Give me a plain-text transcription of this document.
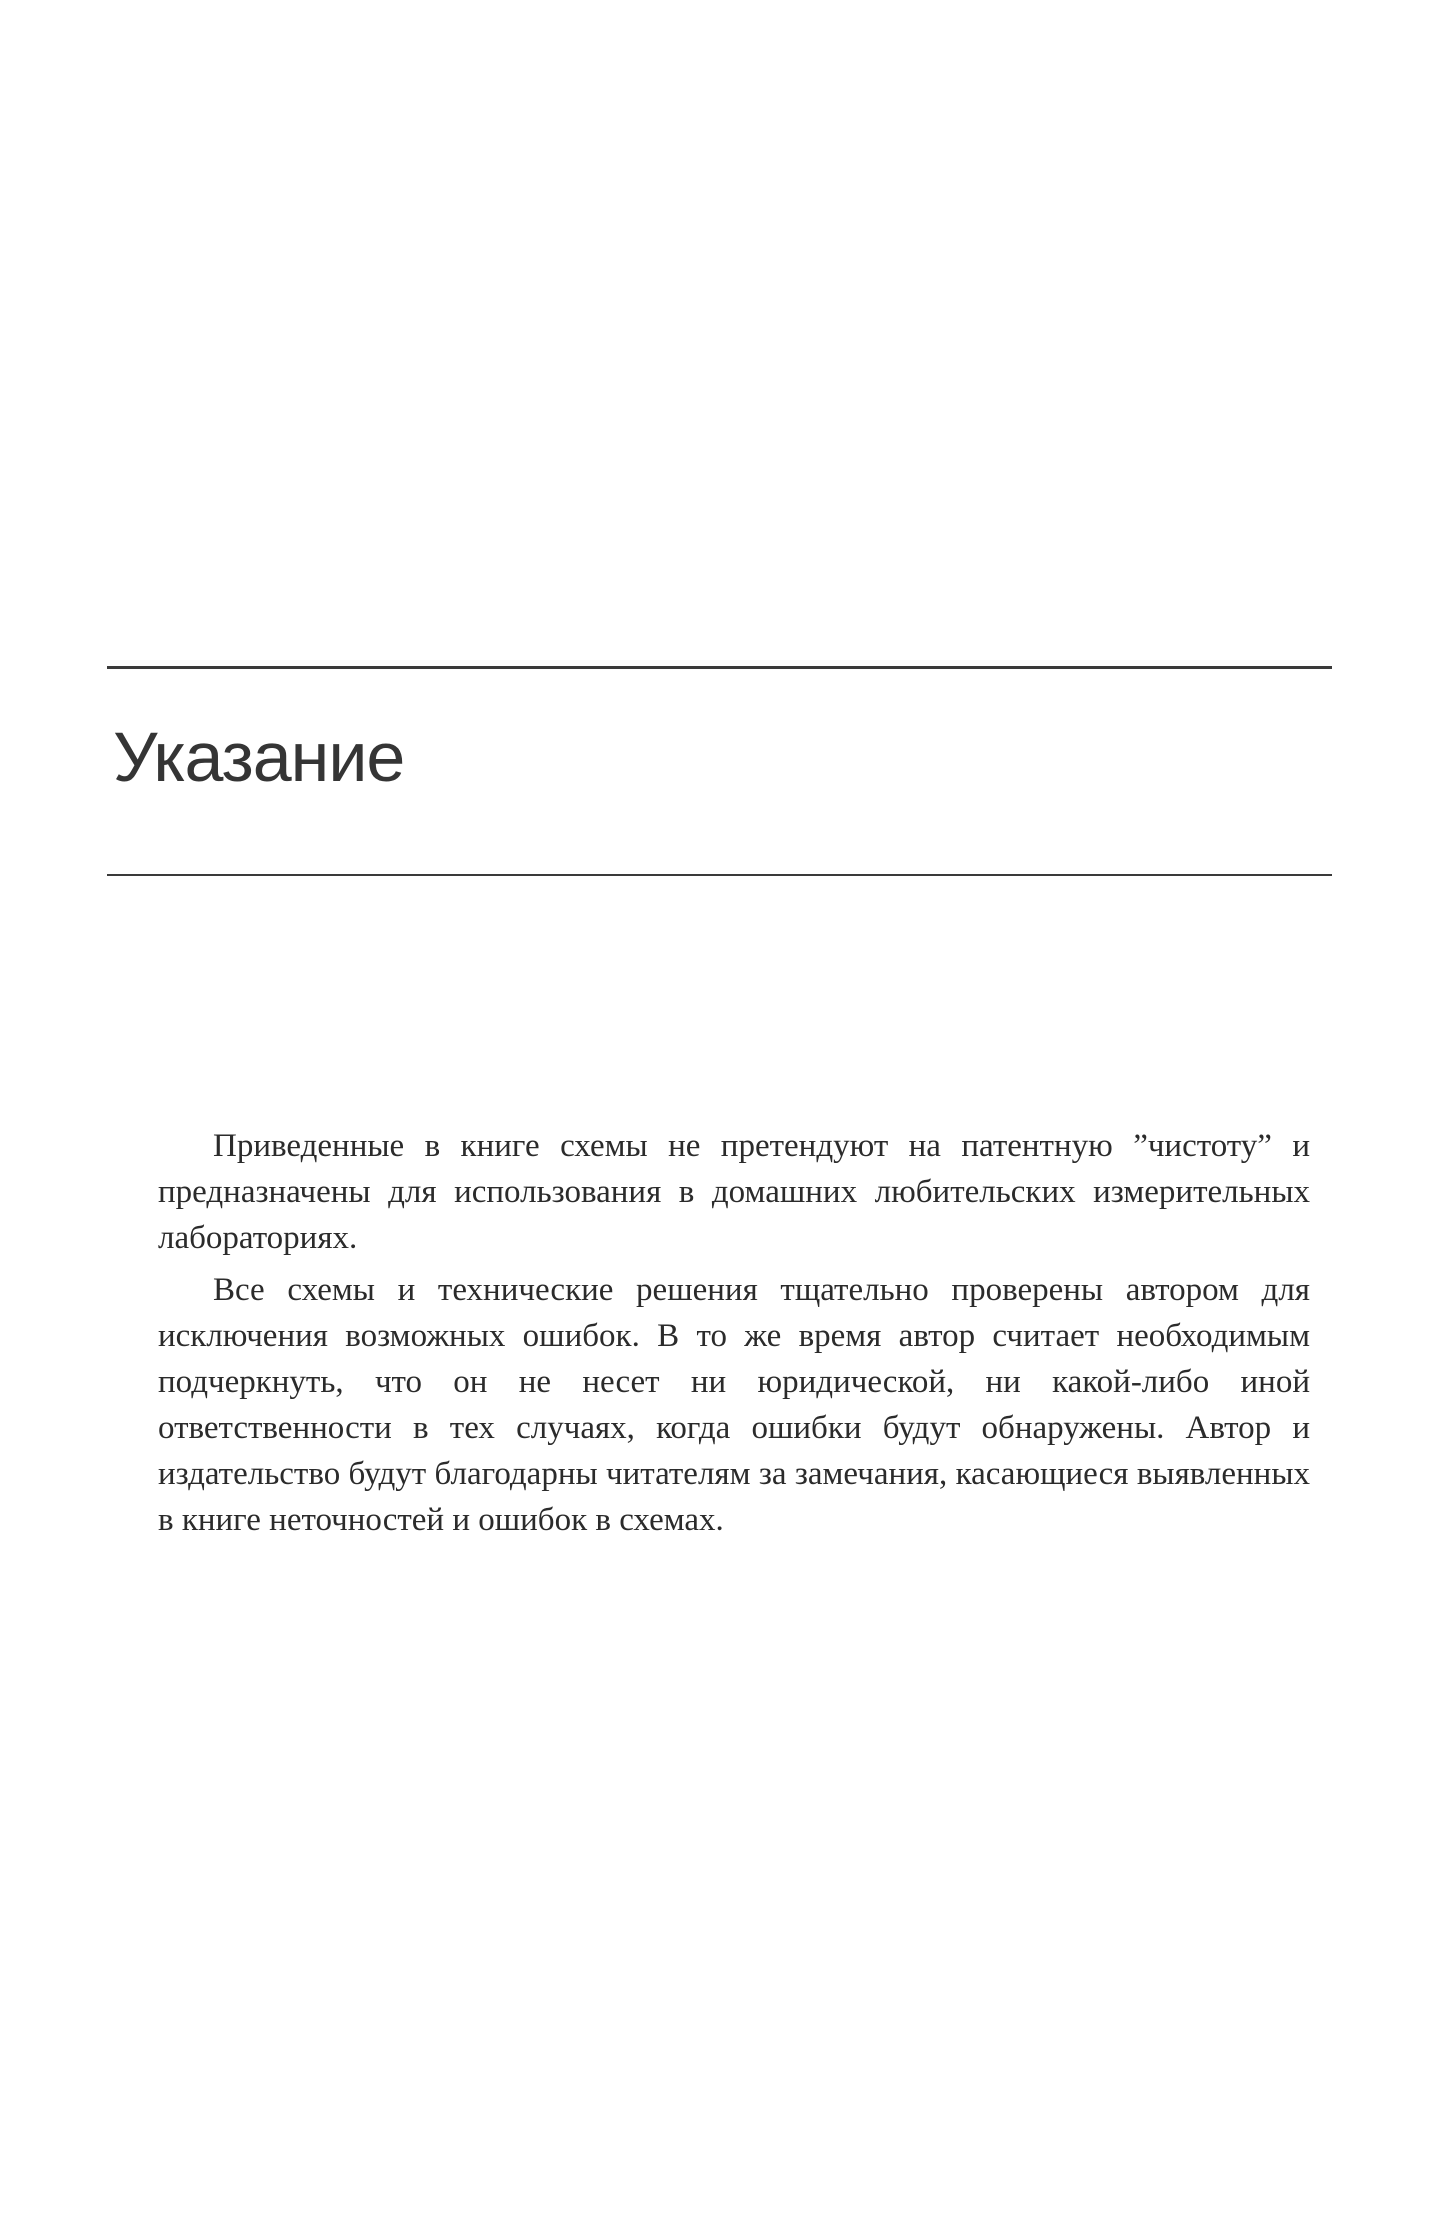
Указание

Приведенные в книге схемы не претендуют на патентную ”чистоту” и предназначены для использования в домашних любительских измерительных лабораториях.

Все схемы и технические решения тщательно проверены автором для исключения возможных ошибок. В то же время автор считает необходимым подчеркнуть, что он не несет ни юридической, ни какой-либо иной ответственности в тех случаях, когда ошибки будут обнаружены. Автор и издательство будут благодарны читателям за замечания, касающиеся выявленных в книге неточностей и ошибок в схемах.
